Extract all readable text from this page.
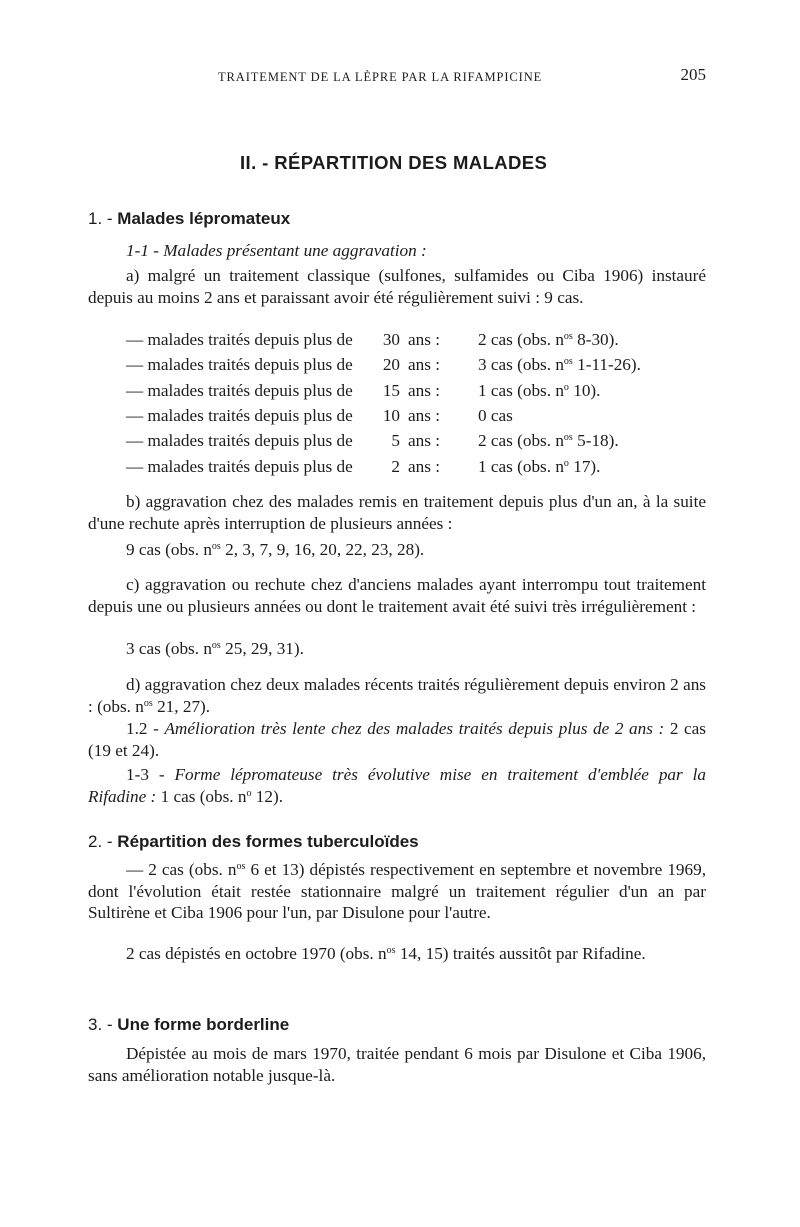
TRAITEMENT DE LA LÈPRE PAR LA RIFAMPICINE	205
II. - RÉPARTITION DES MALADES
1. - Malades lépromateux
1-1 - Malades présentant une aggravation :
a) malgré un traitement classique (sulfones, sulfamides ou Ciba 1906) instauré depuis au moins 2 ans et paraissant avoir été régulièrement suivi : 9 cas.
— malades traités depuis plus de	30 ans : 2 cas (obs. $n^{os}$ 8-30).
— malades traités depuis plus de	20 ans : 3 cas (obs. $n^{os}$ 1-11-26).
— malades traités depuis plus de	15 ans : 1 cas (obs. $n^o$ 10).
— malades traités depuis plus de	10 ans : 0 cas
— malades traités depuis plus de	5 ans : 2 cas (obs. $n^{os}$ 5-18).
— malades traités depuis plus de	2 ans : 1 cas (obs. $n^o$ 17).
b) aggravation chez des malades remis en traitement depuis plus d'un an, à la suite d'une rechute après interruption de plusieurs années :
9 cas (obs. $n^{os}$ 2, 3, 7, 9, 16, 20, 22, 23, 28).
c) aggravation ou rechute chez d'anciens malades ayant interrompu tout traitement depuis une ou plusieurs années ou dont le traitement avait été suivi très irrégulièrement :
3 cas (obs. $n^{os}$ 25, 29, 31).
d) aggravation chez deux malades récents traités régulièrement depuis environ 2 ans : (obs. $n^{os}$ 21, 27).
1.2 - Amélioration très lente chez des malades traités depuis plus de 2 ans : 2 cas (19 et 24).
1-3 - Forme lépromateuse très évolutive mise en traitement d'emblée par la Rifadine : 1 cas (obs. $n^o$ 12).
2. - Répartition des formes tuberculoïdes
— 2 cas (obs. $n^{os}$ 6 et 13) dépistés respectivement en septembre et novembre 1969, dont l'évolution était restée stationnaire malgré un traitement régulier d'un an par Sultirène et Ciba 1906 pour l'un, par Disulone pour l'autre.
2 cas dépistés en octobre 1970 (obs. $n^{os}$ 14, 15) traités aussitôt par Rifadine.
3. - Une forme borderline
Dépistée au mois de mars 1970, traitée pendant 6 mois par Disulone et Ciba 1906, sans amélioration notable jusque-là.
